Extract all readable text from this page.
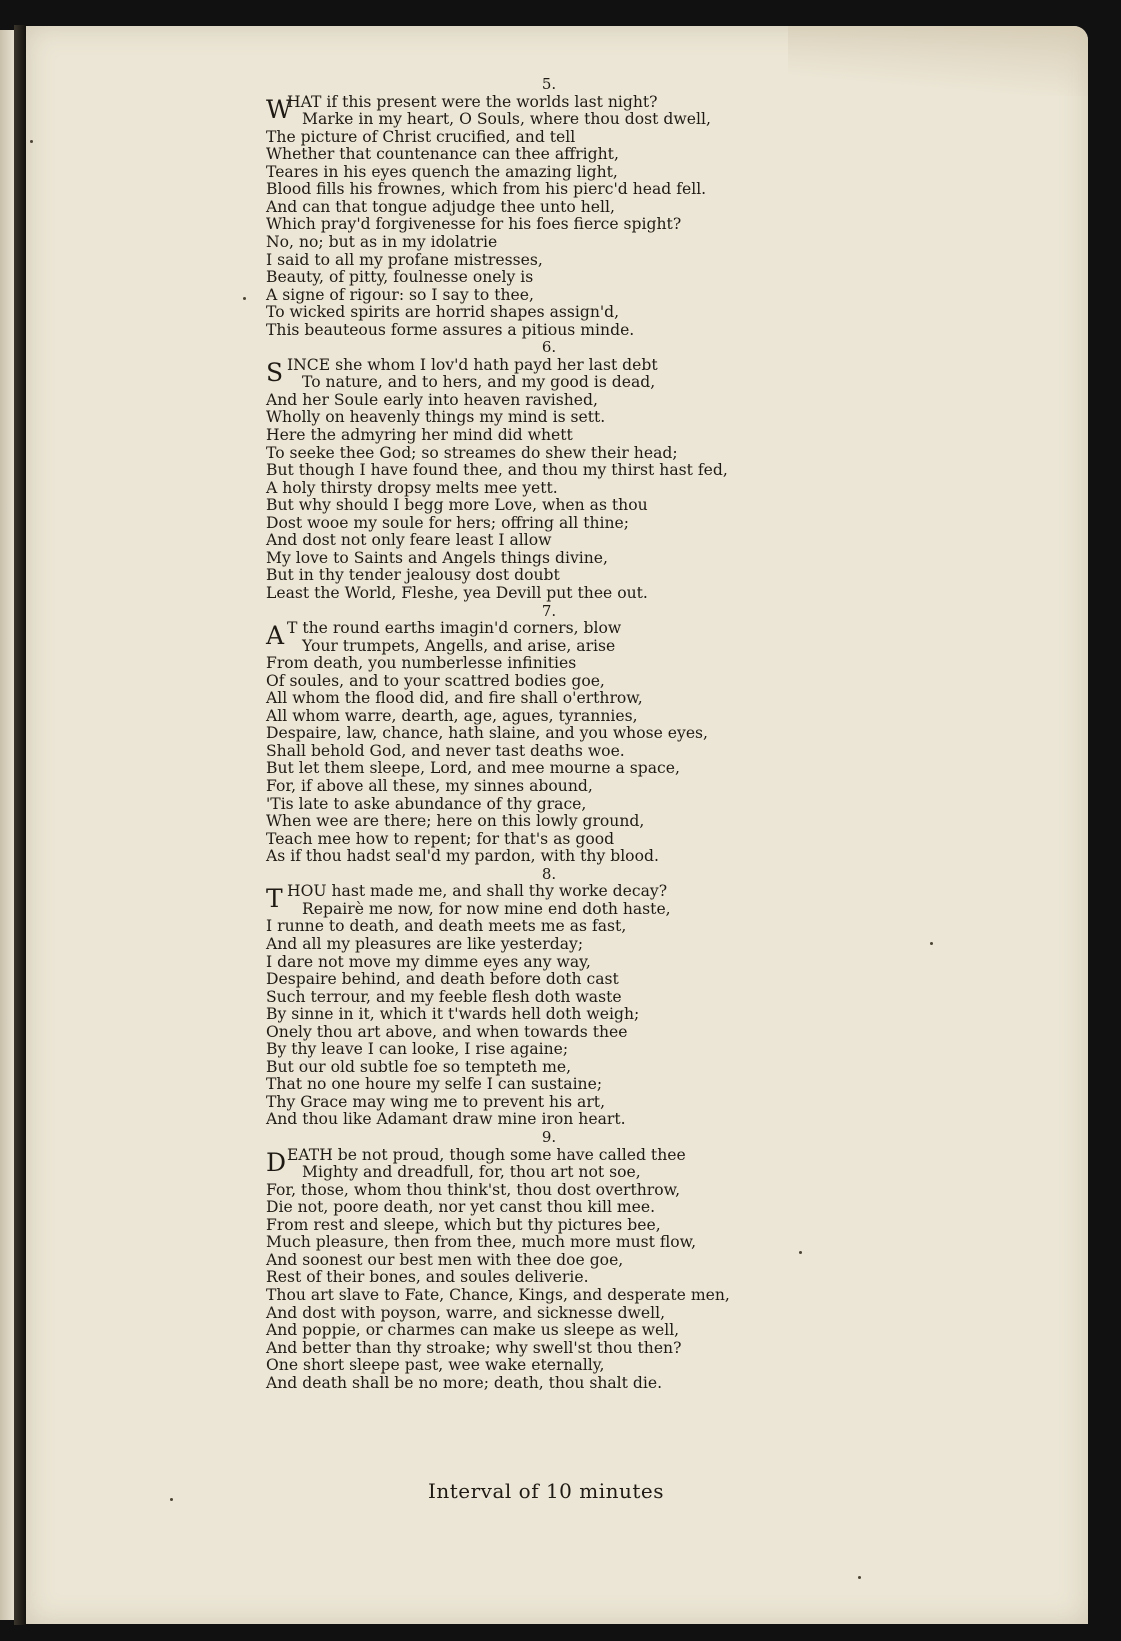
5.
W
HAT if this present were the worlds last night?
Marke in my heart, O Souls, where thou dost dwell,
The picture of Christ crucified, and tell
Whether that countenance can thee affright,
Teares in his eyes quench the amazing light,
Blood fills his frownes, which from his pierc'd head fell.
And can that tongue adjudge thee unto hell,
Which pray'd forgivenesse for his foes fierce spight?
No, no; but as in my idolatrie
I said to all my profane mistresses,
Beauty, of pitty, foulnesse onely is
A signe of rigour: so I say to thee,
To wicked spirits are horrid shapes assign'd,
This beauteous forme assures a pitious minde.
6.
S INCE she whom I lov'd hath payd her last debt
To nature, and to hers, and my good is dead,
And her Soule early into heaven ravished,
Wholly on heavenly things my mind is sett.
Here the admyring her mind did whett
To seeke thee God; so streames do shew their head;
But though I have found thee, and thou my thirst hast fed,
A holy thirsty dropsy melts mee yett.
But why should I begg more Love, when as thou
Dost wooe my soule for hers; offring all thine;
And dost not only feare least I allow
My love to Saints and Angels things divine,
But in thy tender jealousy dost doubt
Least the World, Fleshe, yea Devill put thee out.
7.
A T the round earths imagin'd corners, blow
Your trumpets, Angells, and arise, arise
From death, you numberlesse infinities
Of soules, and to your scattred bodies goe,
All whom the flood did, and fire shall o'erthrow,
All whom warre, dearth, age, agues, tyrannies,
Despaire, law, chance, hath slaine, and you whose eyes,
Shall behold God, and never tast deaths woe.
But let them sleepe, Lord, and mee mourne a space,
For, if above all these, my sinnes abound,
'Tis late to aske abundance of thy grace,
When wee are there; here on this lowly ground,
Teach mee how to repent; for that's as good
As if thou hadst seal'd my pardon, with thy blood.
8.
T HOU hast made me, and shall thy worke decay?
Repairè me now, for now mine end doth haste,
I runne to death, and death meets me as fast,
And all my pleasures are like yesterday;
I dare not move my dimme eyes any way,
Despaire behind, and death before doth cast
Such terrour, and my feeble flesh doth waste
By sinne in it, which it t'wards hell doth weigh;
Onely thou art above, and when towards thee
By thy leave I can looke, I rise againe;
But our old subtle foe so tempteth me,
That no one houre my selfe I can sustaine;
Thy Grace may wing me to prevent his art,
And thou like Adamant draw mine iron heart.
9.
D EATH be not proud, though some have called thee
Mighty and dreadfull, for, thou art not soe,
For, those, whom thou think'st, thou dost overthrow,
Die not, poore death, nor yet canst thou kill mee.
From rest and sleepe, which but thy pictures bee,
Much pleasure, then from thee, much more must flow,
And soonest our best men with thee doe goe,
Rest of their bones, and soules deliverie.
Thou art slave to Fate, Chance, Kings, and desperate men,
And dost with poyson, warre, and sicknesse dwell,
And poppie, or charmes can make us sleepe as well,
And better than thy stroake; why swell'st thou then?
One short sleepe past, wee wake eternally,
And death shall be no more; death, thou shalt die.
Interval of 10 minutes
